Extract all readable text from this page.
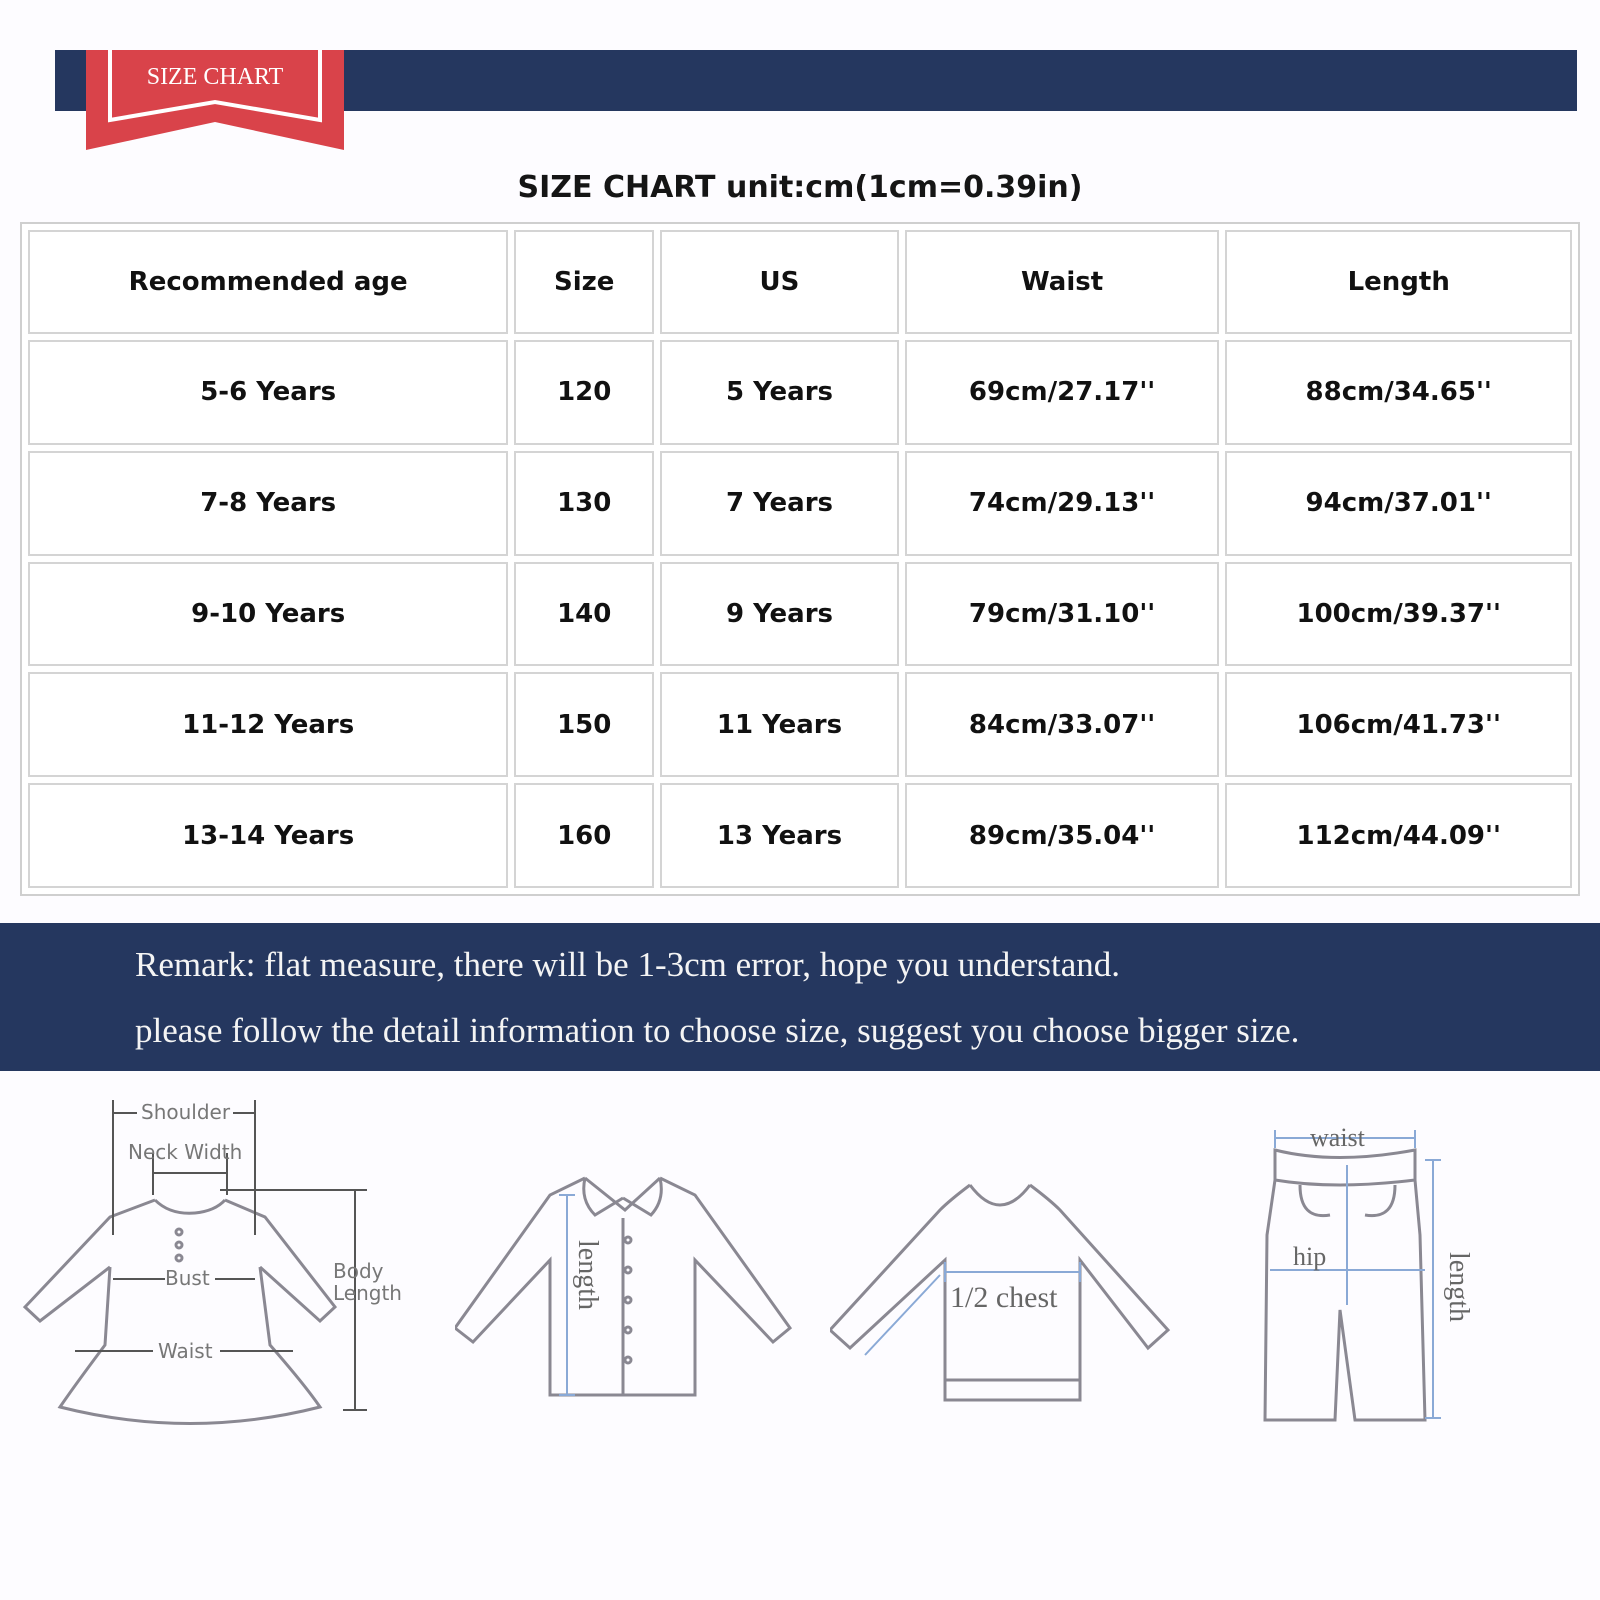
SIZE CHART
SIZE CHART unit:cm(1cm=0.39in)
Recommended age	Size	US	Waist	Length
5-6 Years	120	5 Years	69cm/27.17''	88cm/34.65''
7-8 Years	130	7 Years	74cm/29.13''	94cm/37.01''
9-10 Years	140	9 Years	79cm/31.10''	100cm/39.37''
11-12 Years	150	11 Years	84cm/33.07''	106cm/41.73''
13-14 Years	160	13 Years	89cm/35.04''	112cm/44.09''
Remark: flat measure, there will be 1-3cm error, hope you understand.
please follow the detail information to choose size, suggest you choose bigger size.
Shoulder
Neck Width
Bust
Waist
Body
Length	length	1/2 chest
waist
hip	length
